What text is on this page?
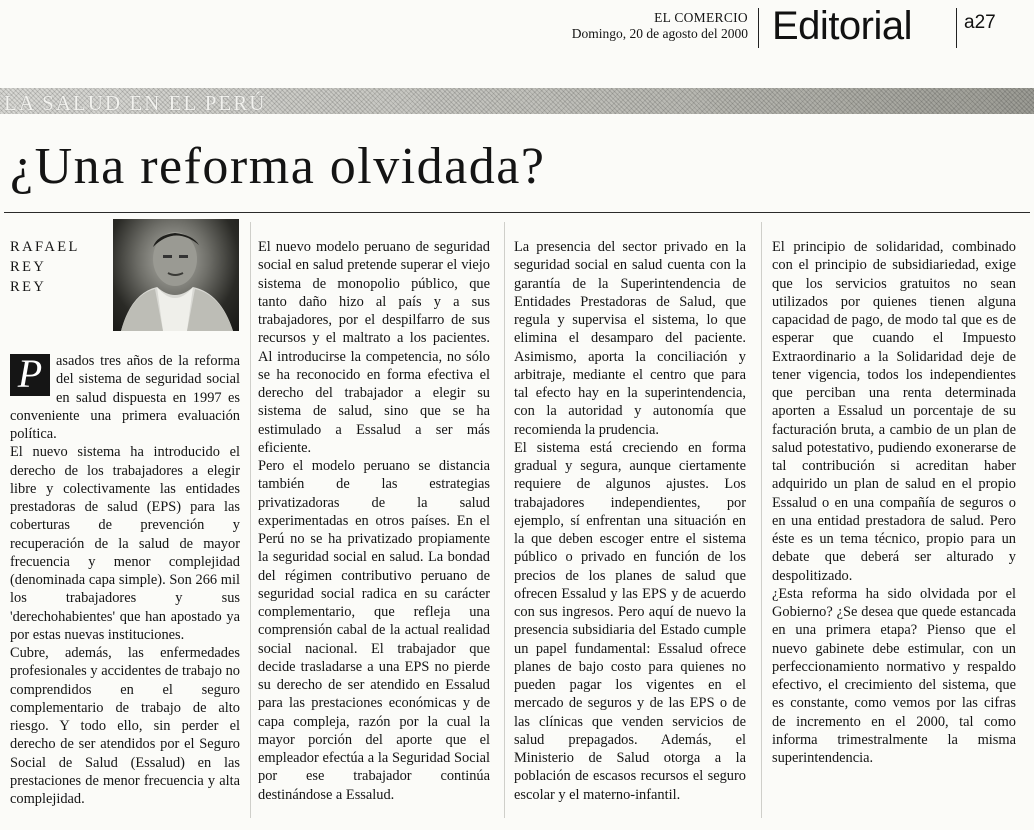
EL COMERCIO
Domingo, 20 de agosto del 2000 Editorial	a27
LA SALUD EN EL PERÚ
¿Una reforma olvidada?
RAFAEL
REY
REY

P asados tres años de la reforma del sistema de seguridad social en salud dispuesta en 1997 es conveniente una primera evaluación política.

El nuevo sistema ha introducido el derecho de los trabajadores a elegir libre y colectivamente las entidades prestadoras de salud (EPS) para las coberturas de prevención y recuperación de la salud de mayor frecuencia y menor complejidad (denominada capa simple). Son 266 mil los trabajadores y sus 'derechohabientes' que han apostado ya por estas nuevas instituciones.

Cubre, además, las enfermedades profesionales y accidentes de trabajo no comprendidos en el seguro complementario de trabajo de alto riesgo. Y todo ello, sin perder el derecho de ser atendidos por el Seguro Social de Salud (Essalud) en las prestaciones de menor frecuencia y alta complejidad.

El nuevo modelo peruano de seguridad social en salud pretende superar el viejo sistema de monopolio público, que tanto daño hizo al país y a sus trabajadores, por el despilfarro de sus recursos y el maltrato a los pacientes. Al introducirse la competencia, no sólo se ha reconocido en forma efectiva el derecho del trabajador a elegir su sistema de salud, sino que se ha estimulado a Essalud a ser más eficiente.

Pero el modelo peruano se distancia también de las estrategias privatizadoras de la salud experimentadas en otros países. En el Perú no se ha privatizado propiamente la seguridad social en salud. La bondad del régimen contributivo peruano de seguridad social radica en su carácter complementario, que refleja una comprensión cabal de la actual realidad social nacional. El trabajador que decide trasladarse a una EPS no pierde su derecho de ser atendido en Essalud para las prestaciones económicas y de capa compleja, razón por la cual la mayor porción del aporte que el empleador efectúa a la Seguridad Social por ese trabajador continúa destinándose a Essalud.

La presencia del sector privado en la seguridad social en salud cuenta con la garantía de la Superintendencia de Entidades Prestadoras de Salud, que regula y supervisa el sistema, lo que elimina el desamparo del paciente. Asimismo, aporta la conciliación y arbitraje, mediante el centro que para tal efecto hay en la superintendencia, con la autoridad y autonomía que recomienda la prudencia.

El sistema está creciendo en forma gradual y segura, aunque ciertamente requiere de algunos ajustes. Los trabajadores independientes, por ejemplo, sí enfrentan una situación en la que deben escoger entre el sistema público o privado en función de los precios de los planes de salud que ofrecen Essalud y las EPS y de acuerdo con sus ingresos. Pero aquí de nuevo la presencia subsidiaria del Estado cumple un papel fundamental: Essalud ofrece planes de bajo costo para quienes no pueden pagar los vigentes en el mercado de seguros y de las EPS o de las clínicas que venden servicios de salud prepagados. Además, el Ministerio de Salud otorga a la población de escasos recursos el seguro escolar y el materno-infantil.

El principio de solidaridad, combinado con el principio de subsidiariedad, exige que los servicios gratuitos no sean utilizados por quienes tienen alguna capacidad de pago, de modo tal que es de esperar que cuando el Impuesto Extraordinario a la Solidaridad deje de tener vigencia, todos los independientes que perciban una renta determinada aporten a Essalud un porcentaje de su facturación bruta, a cambio de un plan de salud potestativo, pudiendo exonerarse de tal contribución si acreditan haber adquirido un plan de salud en el propio Essalud o en una compañía de seguros o en una entidad prestadora de salud. Pero éste es un tema técnico, propio para un debate que deberá ser alturado y despolitizado.

¿Esta reforma ha sido olvidada por el Gobierno? ¿Se desea que quede estancada en una primera etapa? Pienso que el nuevo gabinete debe estimular, con un perfeccionamiento normativo y respaldo efectivo, el crecimiento del sistema, que es constante, como vemos por las cifras de incremento en el 2000, tal como informa trimestralmente la misma superintendencia.
